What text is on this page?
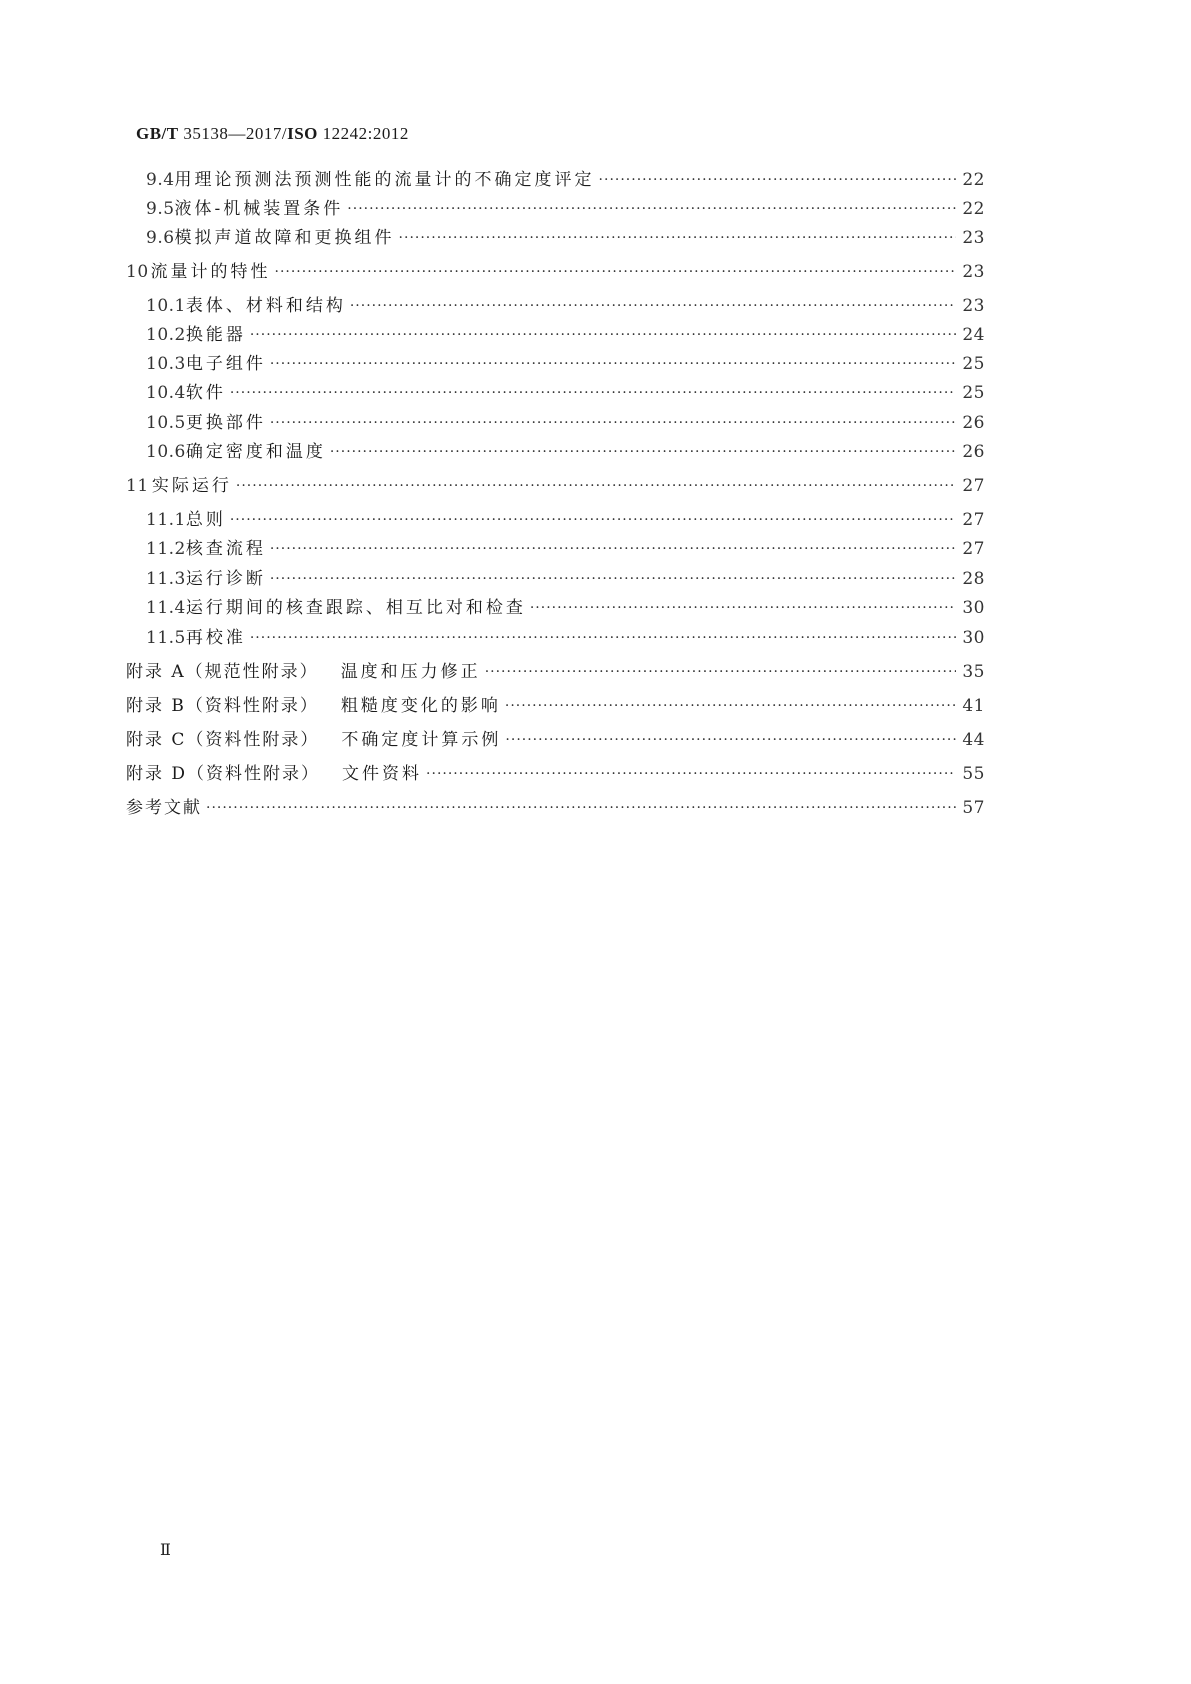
GB/T 35138—2017/ISO 12242:2012
9.4 用理论预测法预测性能的流量计的不确定度评定 ·····	22
9.5 液体-机械装置条件 ·····	22
9.6 模拟声道故障和更换组件 ·····	23
10 流量计的特性 ·····	23
10.1 表体、材料和结构 ·····	23
10.2 换能器 ·····	24
10.3 电子组件 ·····	25
10.4 软件 ·····	25
10.5 更换部件 ·····	26
10.6 确定密度和温度 ·····	26
11 实际运行 ·····	27
11.1 总则 ·····	27
11.2 核查流程 ·····	27
11.3 运行诊断 ·····	28
11.4 运行期间的核查跟踪、相互比对和检查 ·····	30
11.5 再校准 ·····	30
附录 A（规范性附录） 温度和压力修正 ·····	35
附录 B（资料性附录） 粗糙度变化的影响 ·····	41
附录 C（资料性附录） 不确定度计算示例 ·····	44
附录 D（资料性附录） 文件资料 ·····	55
参考文献 ·····	57
Ⅱ
